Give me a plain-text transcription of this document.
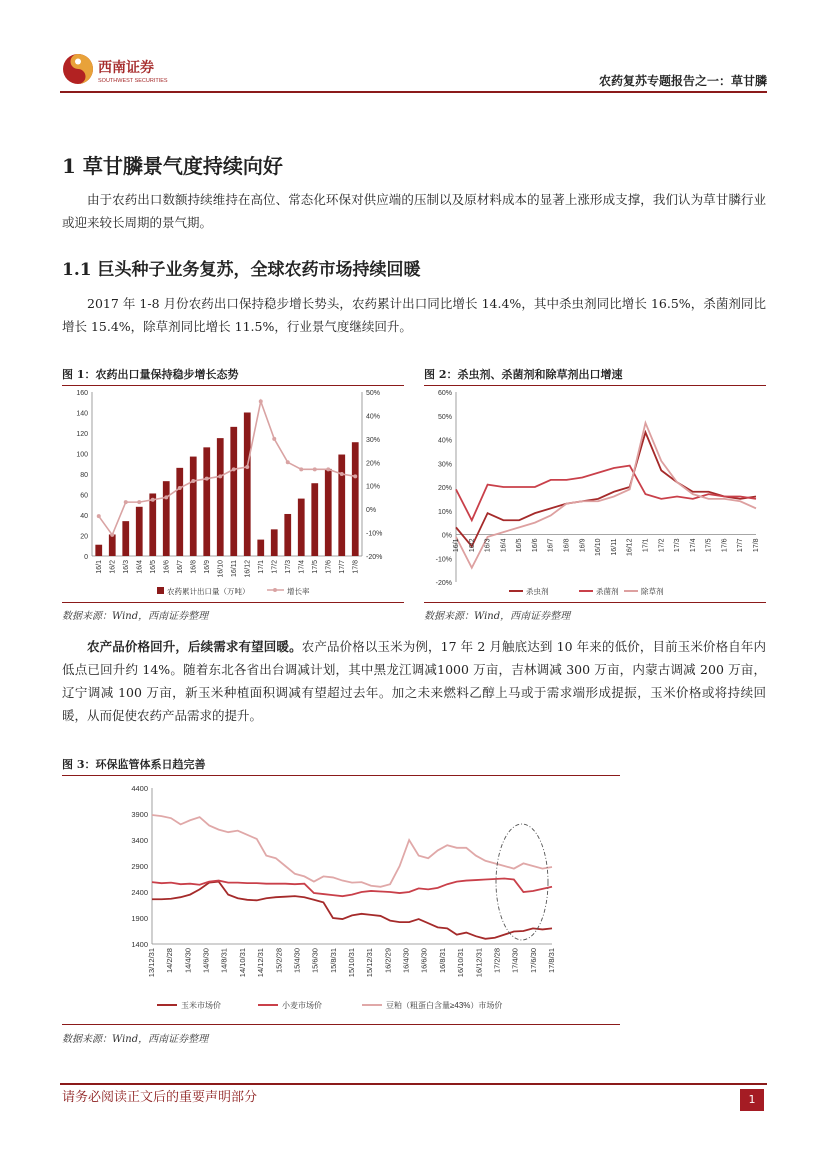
西南证券
SOUTHWEST SECURITIES	农药复苏专题报告之一：草甘膦
1 草甘膦景气度持续向好
由于农药出口数额持续维持在高位、常态化环保对供应端的压制以及原材料成本的显著上涨形成支撑，我们认为草甘膦行业或迎来较长周期的景气期。
1.1 巨头种子业务复苏，全球农药市场持续回暖
2017 年 1-8 月份农药出口保持稳步增长势头，农药累计出口同比增长 14.4%，其中杀虫剂同比增长 16.5%，杀菌剂同比增长 15.4%，除草剂同比增长 11.5%，行业景气度继续回升。
图 1：农药出口量保持稳步增长态势
160
140
120
100
80
60
40
20
0
50%
40%
30%
20%
10%
0%
-10%
-20%
16/1 16/2 16/3 16/4 16/5 16/6 16/7 16/8 16/9 16/10 16/11 16/12 17/1 17/2 17/3 17/4 17/5 17/6 17/7 17/8
农药累计出口量（万吨）	增长率
数据来源：Wind，西南证券整理
图 2：杀虫剂、杀菌剂和除草剂出口增速
60%
50%
40%
30%
20%
10%
0%
-10%
-20%
16/1 16/2 16/3 16/4 16/5 16/6 16/7 16/8 16/9 16/10 16/11 16/12 17/1 17/2 17/3 17/4 17/5 17/6 17/7 17/8
杀虫剂	杀菌剂	除草剂
数据来源：Wind，西南证券整理
农产品价格回升，后续需求有望回暖。农产品价格以玉米为例，17 年 2 月触底达到 10 年来的低价，目前玉米价格自年内低点已回升约 14%。随着东北各省出台调减计划，其中黑龙江调减1000 万亩，吉林调减 300 万亩，内蒙古调减 200 万亩，辽宁调减 100 万亩，新玉米种植面积调减有望超过去年。加之未来燃料乙醇上马或于需求端形成提振，玉米价格或将持续回暖，从而促使农药产品需求的提升。
图 3：环保监管体系日趋完善
4400
3900
3400
2900
2400
1900
1400
13/12/31 14/2/28 14/4/30 14/6/30 14/8/31 14/10/31 14/12/31 15/2/28 15/4/30 15/6/30 15/8/31 15/10/31 15/12/31 16/2/29 16/4/30 16/6/30 16/8/31 16/10/31 16/12/31 17/2/28 17/4/30 17/6/30 17/8/31
玉米市场价	小麦市场价	豆粕（粗蛋白含量≥43%）市场价
数据来源：Wind，西南证券整理
请务必阅读正文后的重要声明部分	1
